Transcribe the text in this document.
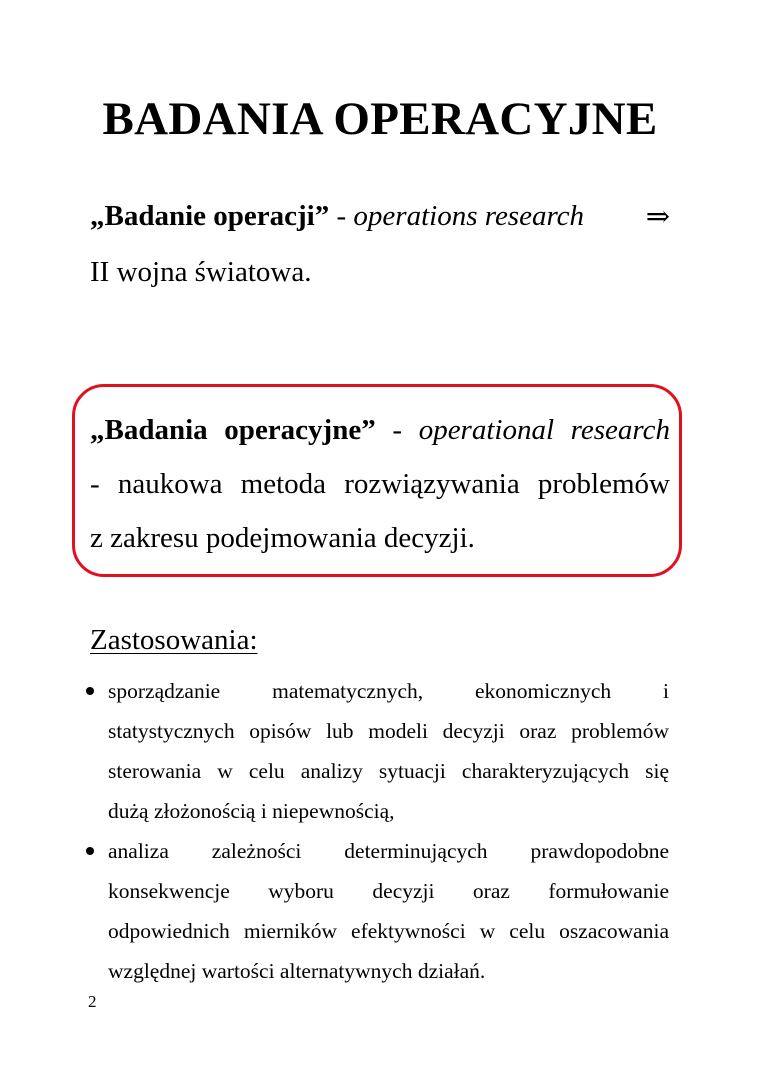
BADANIA OPERACYJNE
„Badanie operacji” - operations research ⇒
II wojna światowa.
„Badania operacyjne” - operational research
- naukowa metoda rozwiązywania problemów
z zakresu podejmowania decyzji.
Zastosowania:
sporządzanie matematycznych, ekonomicznych i
statystycznych opisów lub modeli decyzji oraz problemów
sterowania w celu analizy sytuacji charakteryzujących się
dużą złożonością i niepewnością,
analiza zależności determinujących prawdopodobne
konsekwencje wyboru decyzji oraz formułowanie
odpowiednich mierników efektywności w celu oszacowania
względnej wartości alternatywnych działań.
2
